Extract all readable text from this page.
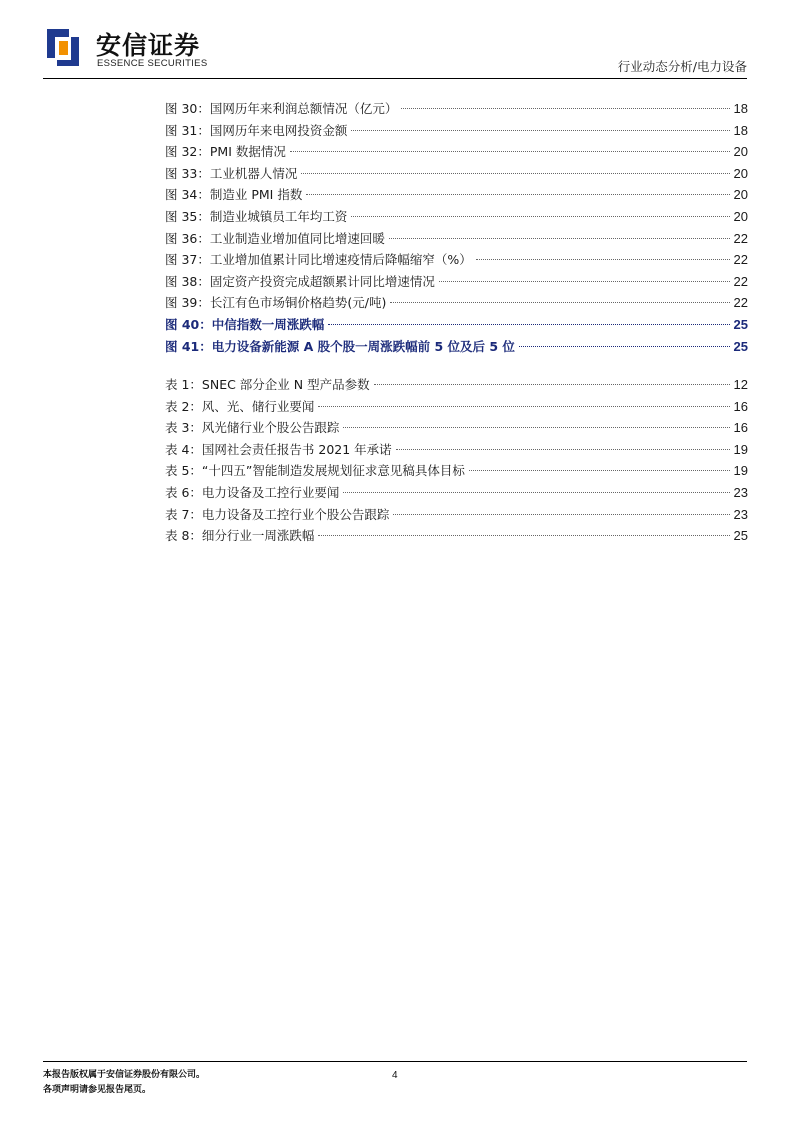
安信证券
ESSENCE SECURITIES	行业动态分析/电力设备
图 30：国网历年来利润总额情况（亿元）	18
图 31：国网历年来电网投资金额	18
图 32：PMI 数据情况	20
图 33：工业机器人情况	20
图 34：制造业 PMI 指数	20
图 35：制造业城镇员工年均工资	20
图 36：工业制造业增加值同比增速回暖	22
图 37：工业增加值累计同比增速疫情后降幅缩窄（%）	22
图 38：固定资产投资完成超额累计同比增速情况	22
图 39：长江有色市场铜价格趋势(元/吨)	22
图 40：中信指数一周涨跌幅	25
图 41：电力设备新能源 A 股个股一周涨跌幅前 5 位及后 5 位	25
表 1：SNEC 部分企业 N 型产品参数	12
表 2：风、光、储行业要闻	16
表 3：风光储行业个股公告跟踪	16
表 4：国网社会责任报告书 2021 年承诺	19
表 5：“十四五”智能制造发展规划征求意见稿具体目标	19
表 6：电力设备及工控行业要闻	23
表 7：电力设备及工控行业个股公告跟踪	23
表 8：细分行业一周涨跌幅	25
本报告版权属于安信证券股份有限公司。
各项声明请参见报告尾页。
4
